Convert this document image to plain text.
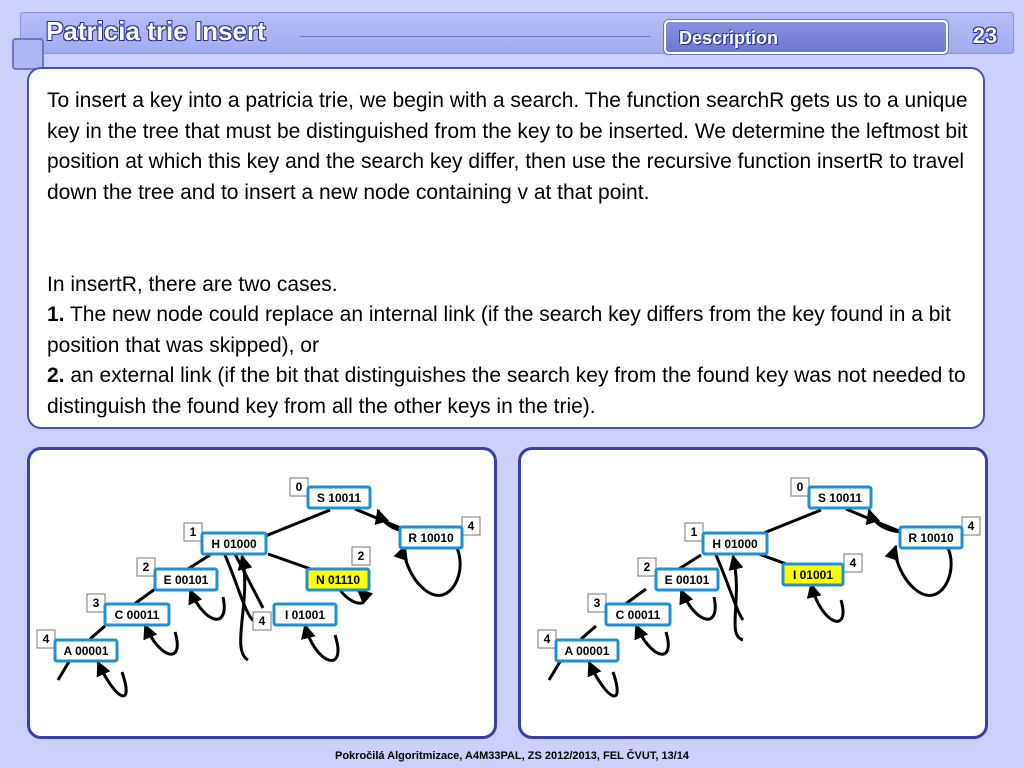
Patricia trie Insert	Description	23

To insert a key into a patricia trie, we begin with a search. The function searchR gets us to a unique key in the tree that must be distinguished from the key to be inserted. We determine the leftmost bit position at which this key and the search key differ, then use the recursive function insertR to travel down the tree and to insert a new node containing v at that point.

In insertR, there are two cases.

1. The new node could replace an internal link (if the search key differs from the key found in a bit position that was skipped), or

2. an external link (if the bit that distinguishes the search key from the found key was not needed to distinguish the found key from all the other keys in the trie).

0
S 10011
1
H 01000
4
R 10010
2
E 00101
2
N 01110
3
C 00011	4 I 01001
4
A 00001
0
S 10011
1
H 01000
4
R 10010
4
I 01001
2
E 00101
3
C 00011
4
A 00001
Pokročilá Algoritmizace, A4M33PAL, ZS 2012/2013, FEL ČVUT, 13/14
